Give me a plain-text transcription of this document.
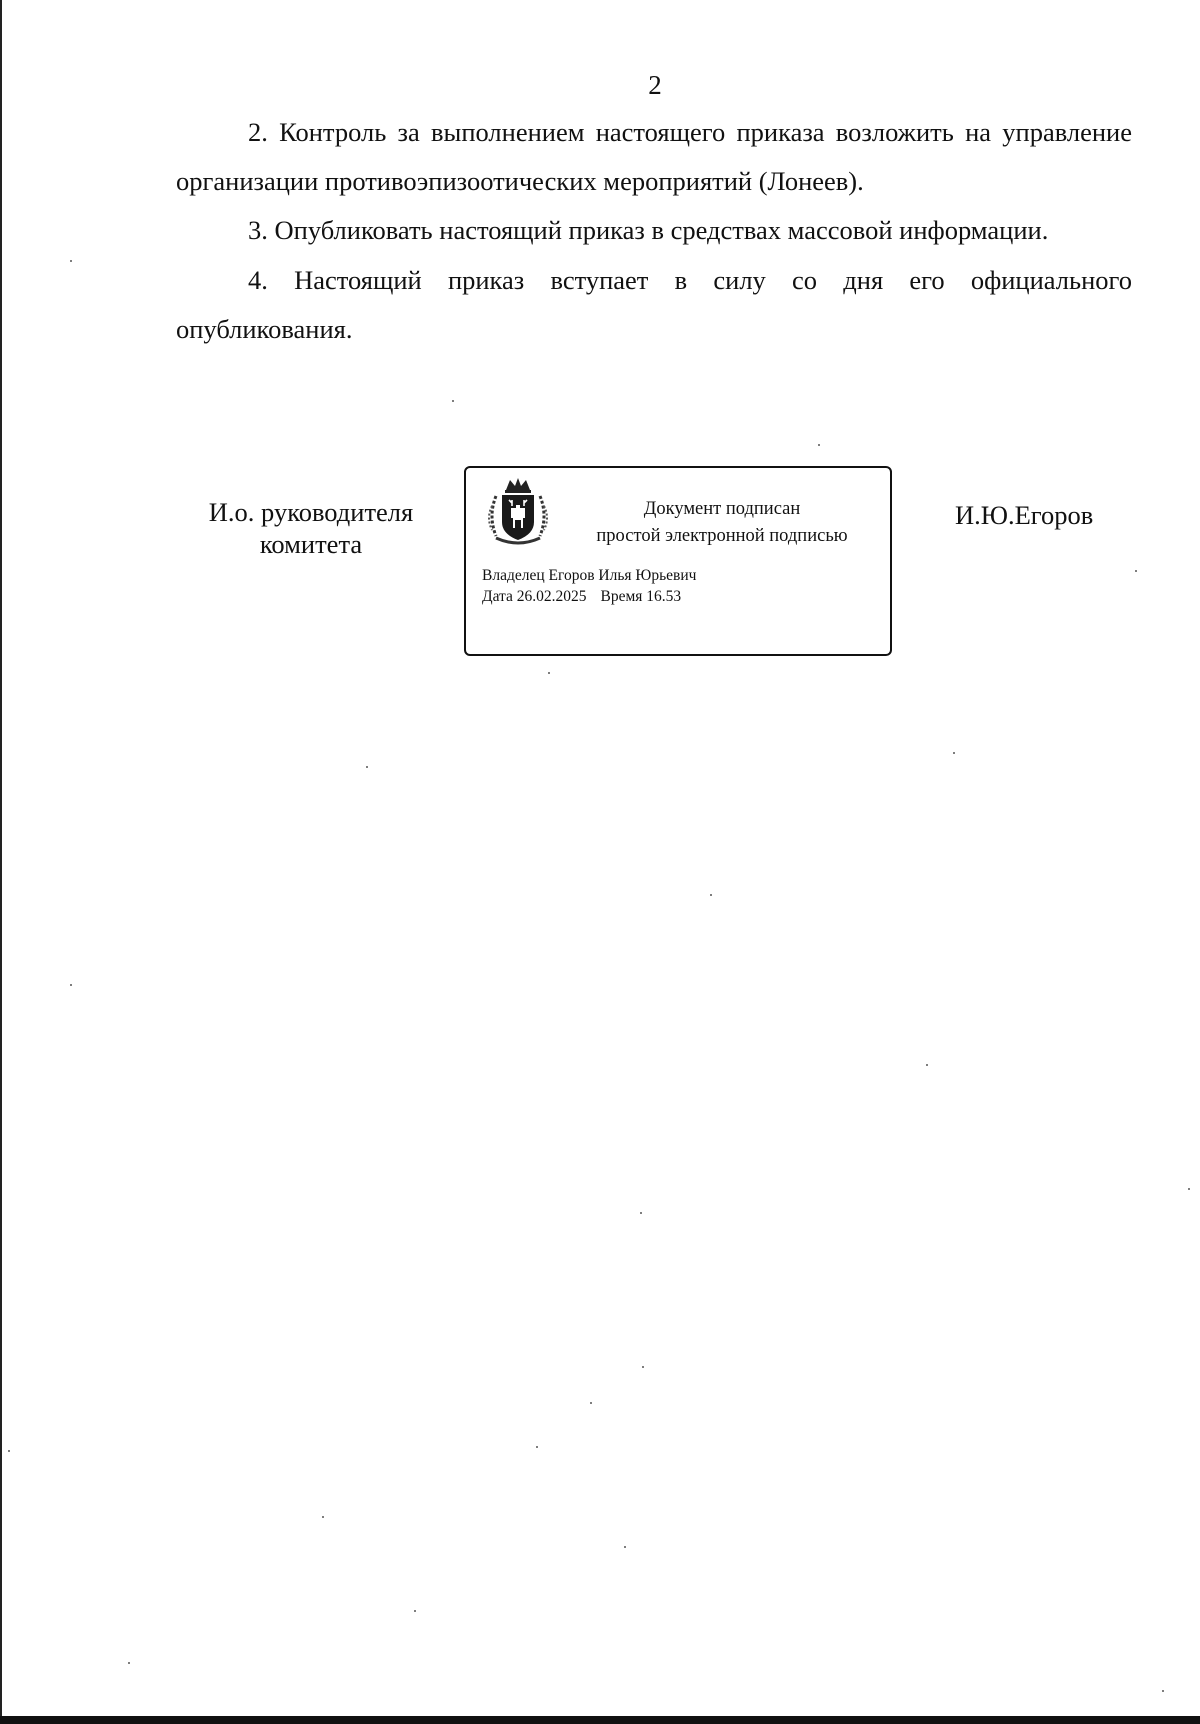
2

2. Контроль за выполнением настоящего приказа возложить на управление организации противоэпизоотических мероприятий (Лонеев).

3. Опубликовать настоящий приказ в средствах массовой информации.

4. Настоящий приказ вступает в силу со дня его официального опубликования.

И.о. руководителя
комитета
Документ подписан
простой электронной подписью
Владелец Егоров Илья Юрьевич
Дата 26.02.2025 Время 16.53
И.Ю.Егоров
